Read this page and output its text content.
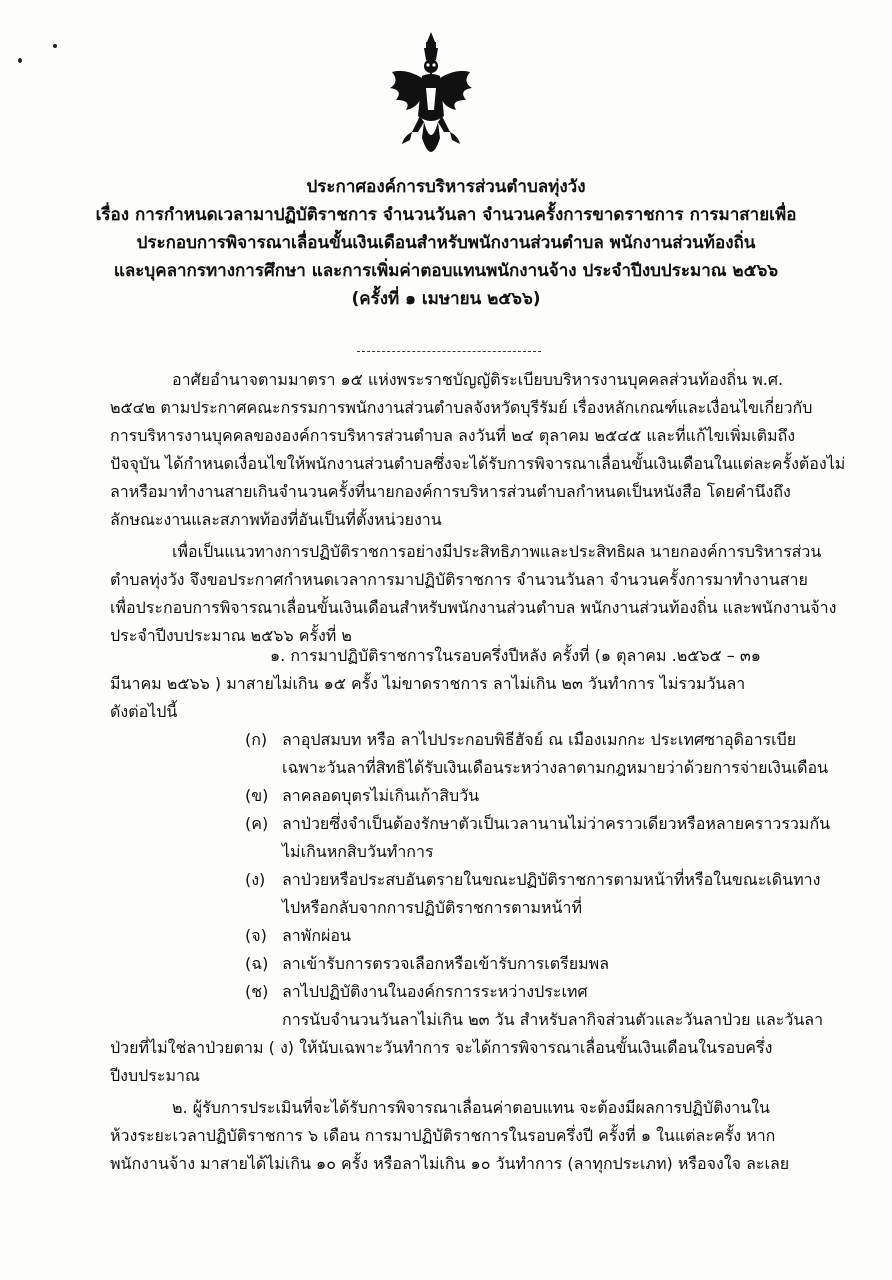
ประกาศองค์การบริหารส่วนตำบลทุ่งวัง
เรื่อง การกำหนดเวลามาปฏิบัติราชการ จำนวนวันลา จำนวนครั้งการขาดราชการ การมาสายเพื่อ
ประกอบการพิจารณาเลื่อนขั้นเงินเดือนสำหรับพนักงานส่วนตำบล พนักงานส่วนท้องถิ่น
และบุคลากรทางการศึกษา และการเพิ่มค่าตอบแทนพนักงานจ้าง ประจำปีงบประมาณ ๒๕๖๖
(ครั้งที่ ๑ เมษายน ๒๕๖๖)
อาศัยอำนาจตามมาตรา ๑๕ แห่งพระราชบัญญัติระเบียบบริหารงานบุคคลส่วนท้องถิ่น พ.ศ.
๒๕๔๒ ตามประกาศคณะกรรมการพนักงานส่วนตำบลจังหวัดบุรีรัมย์ เรื่องหลักเกณฑ์และเงื่อนไขเกี่ยวกับ
การบริหารงานบุคคลขององค์การบริหารส่วนตำบล ลงวันที่ ๒๔ ตุลาคม ๒๕๔๕ และที่แก้ไขเพิ่มเติมถึง
ปัจจุบัน ได้กำหนดเงื่อนไขให้พนักงานส่วนตำบลซึ่งจะได้รับการพิจารณาเลื่อนขั้นเงินเดือนในแต่ละครั้งต้องไม่
ลาหรือมาทำงานสายเกินจำนวนครั้งที่นายกองค์การบริหารส่วนตำบลกำหนดเป็นหนังสือ โดยคำนึงถึง
ลักษณะงานและสภาพท้องที่อันเป็นที่ตั้งหน่วยงาน
เพื่อเป็นแนวทางการปฏิบัติราชการอย่างมีประสิทธิภาพและประสิทธิผล นายกองค์การบริหารส่วน
ตำบลทุ่งวัง จึงขอประกาศกำหนดเวลาการมาปฏิบัติราชการ จำนวนวันลา จำนวนครั้งการมาทำงานสาย
เพื่อประกอบการพิจารณาเลื่อนขั้นเงินเดือนสำหรับพนักงานส่วนตำบล พนักงานส่วนท้องถิ่น และพนักงานจ้าง
ประจำปีงบประมาณ ๒๕๖๖ ครั้งที่ ๒
๑. การมาปฏิบัติราชการในรอบครึ่งปีหลัง ครั้งที่ (๑ ตุลาคม .๒๕๖๕ – ๓๑
มีนาคม ๒๕๖๖ ) มาสายไม่เกิน ๑๕ ครั้ง ไม่ขาดราชการ ลาไม่เกิน ๒๓ วันทำการ ไม่รวมวันลา
ดังต่อไปนี้
(ก) ลาอุปสมบท หรือ ลาไปประกอบพิธีฮัจย์ ณ เมืองเมกกะ ประเทศซาอุดิอารเบีย
เฉพาะวันลาที่สิทธิได้รับเงินเดือนระหว่างลาตามกฎหมายว่าด้วยการจ่ายเงินเดือน
(ข) ลาคลอดบุตรไม่เกินเก้าสิบวัน
(ค) ลาป่วยซึ่งจำเป็นต้องรักษาตัวเป็นเวลานานไม่ว่าคราวเดียวหรือหลายคราวรวมกัน
ไม่เกินหกสิบวันทำการ
(ง) ลาป่วยหรือประสบอันตรายในขณะปฏิบัติราชการตามหน้าที่หรือในขณะเดินทาง
ไปหรือกลับจากการปฏิบัติราชการตามหน้าที่
(จ) ลาพักผ่อน
(ฉ) ลาเข้ารับการตรวจเลือกหรือเข้ารับการเตรียมพล
(ช) ลาไปปฏิบัติงานในองค์กรการระหว่างประเทศ
การนับจำนวนวันลาไม่เกิน ๒๓ วัน สำหรับลากิจส่วนตัวและวันลาป่วย และวันลา
ป่วยที่ไม่ใช่ลาป่วยตาม ( ง) ให้นับเฉพาะวันทำการ จะได้การพิจารณาเลื่อนขั้นเงินเดือนในรอบครึ่ง
ปีงบประมาณ
๒. ผู้รับการประเมินที่จะได้รับการพิจารณาเลื่อนค่าตอบแทน จะต้องมีผลการปฏิบัติงานใน
ห้วงระยะเวลาปฏิบัติราชการ ๖ เดือน การมาปฏิบัติราชการในรอบครึ่งปี ครั้งที่ ๑ ในแต่ละครั้ง หาก
พนักงานจ้าง มาสายได้ไม่เกิน ๑๐ ครั้ง หรือลาไม่เกิน ๑๐ วันทำการ (ลาทุกประเภท) หรือจงใจ ละเลย
